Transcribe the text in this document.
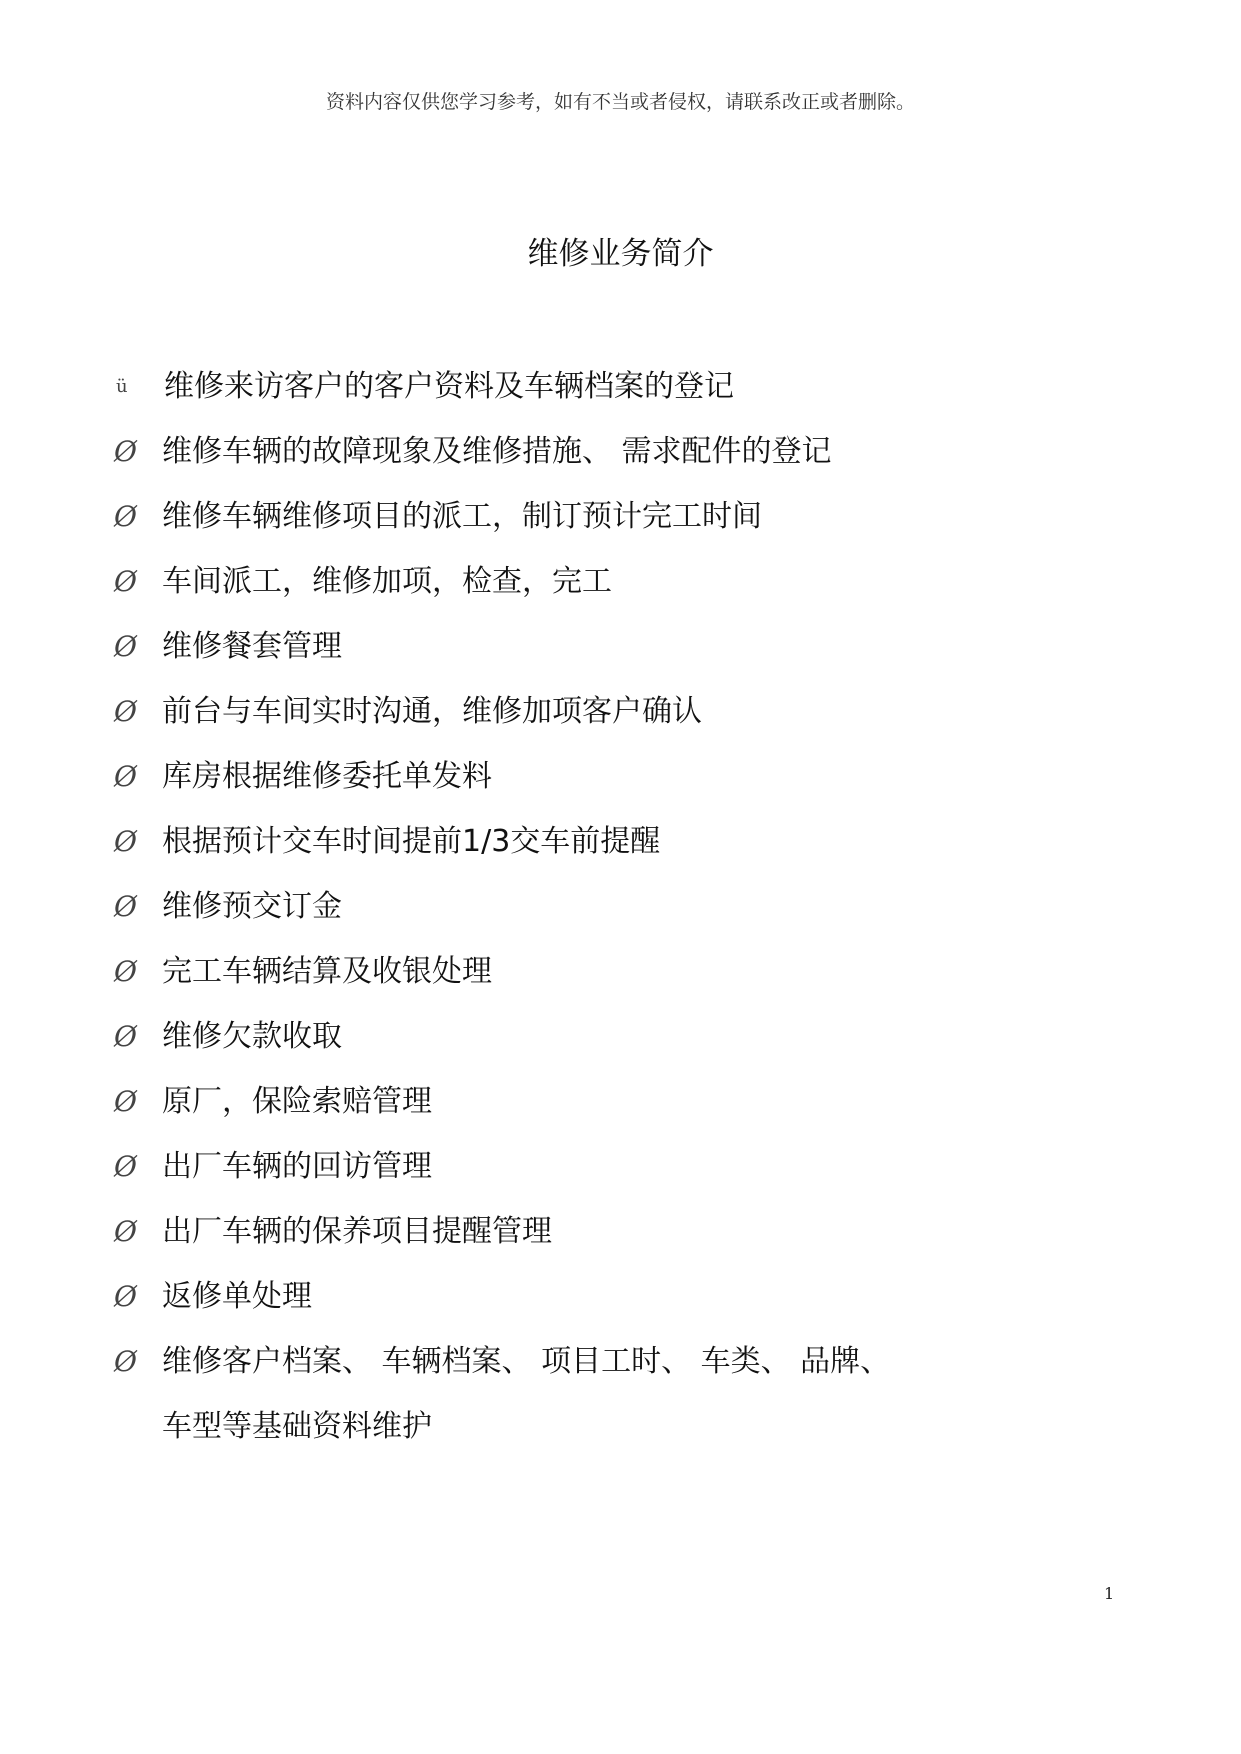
资料内容仅供您学习参考，如有不当或者侵权，请联系改正或者删除。
维修业务简介
ü	维修来访客户的客户资料及车辆档案的登记
Ø 维修车辆的故障现象及维修措施、 需求配件的登记
Ø 维修车辆维修项目的派工，制订预计完工时间
Ø 车间派工，维修加项，检查，完工
Ø 维修餐套管理
Ø 前台与车间实时沟通，维修加项客户确认
Ø 库房根据维修委托单发料
Ø 根据预计交车时间提前1/3交车前提醒
Ø 维修预交订金
Ø 完工车辆结算及收银处理
Ø 维修欠款收取
Ø 原厂，保险索赔管理
Ø 出厂车辆的回访管理
Ø 出厂车辆的保养项目提醒管理
Ø 返修单处理
Ø 维修客户档案、 车辆档案、 项目工时、 车类、 品牌、
车型等基础资料维护
1
